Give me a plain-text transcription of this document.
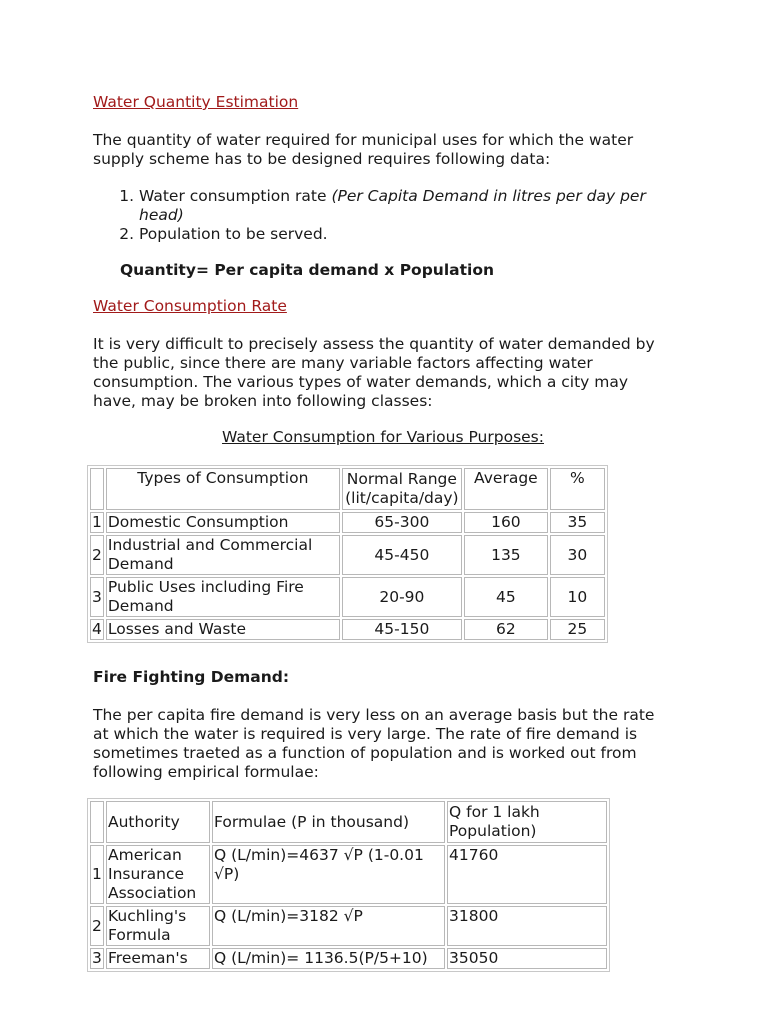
Water Quantity Estimation

The quantity of water required for municipal uses for which the water supply scheme has to be designed requires following data:

1. Water consumption rate (Per Capita Demand in litres per day per head)
2. Population to be served.
Quantity= Per capita demand x Population
Water Consumption Rate

It is very difficult to precisely assess the quantity of water demanded by the public, since there are many variable factors affecting water consumption. The various types of water demands, which a city may have, may be broken into following classes:

Water Consumption for Various Purposes:
Fire Fighting Demand:

The per capita fire demand is very less on an average basis but the rate at which the water is required is very large. The rate of fire demand is sometimes traeted as a function of population and is worked out from following empirical formulae:

	Types of Consumption	Normal Range (lit/capita/day)	Average	%
1	Domestic Consumption	65-300	160	35
2	Industrial and Commercial Demand	45-450	135	30
3	Public Uses including Fire Demand	20-90	45	10
4	Losses and Waste	45-150	62	25
	Authority	Formulae (P in thousand)	Q for 1 lakh Population)
1	American Insurance Association	Q (L/min)=4637 √P (1-0.01 √P)	41760
2	Kuchling's Formula	Q (L/min)=3182 √P	31800
3	Freeman's	Q (L/min)= 1136.5(P/5+10)	35050
